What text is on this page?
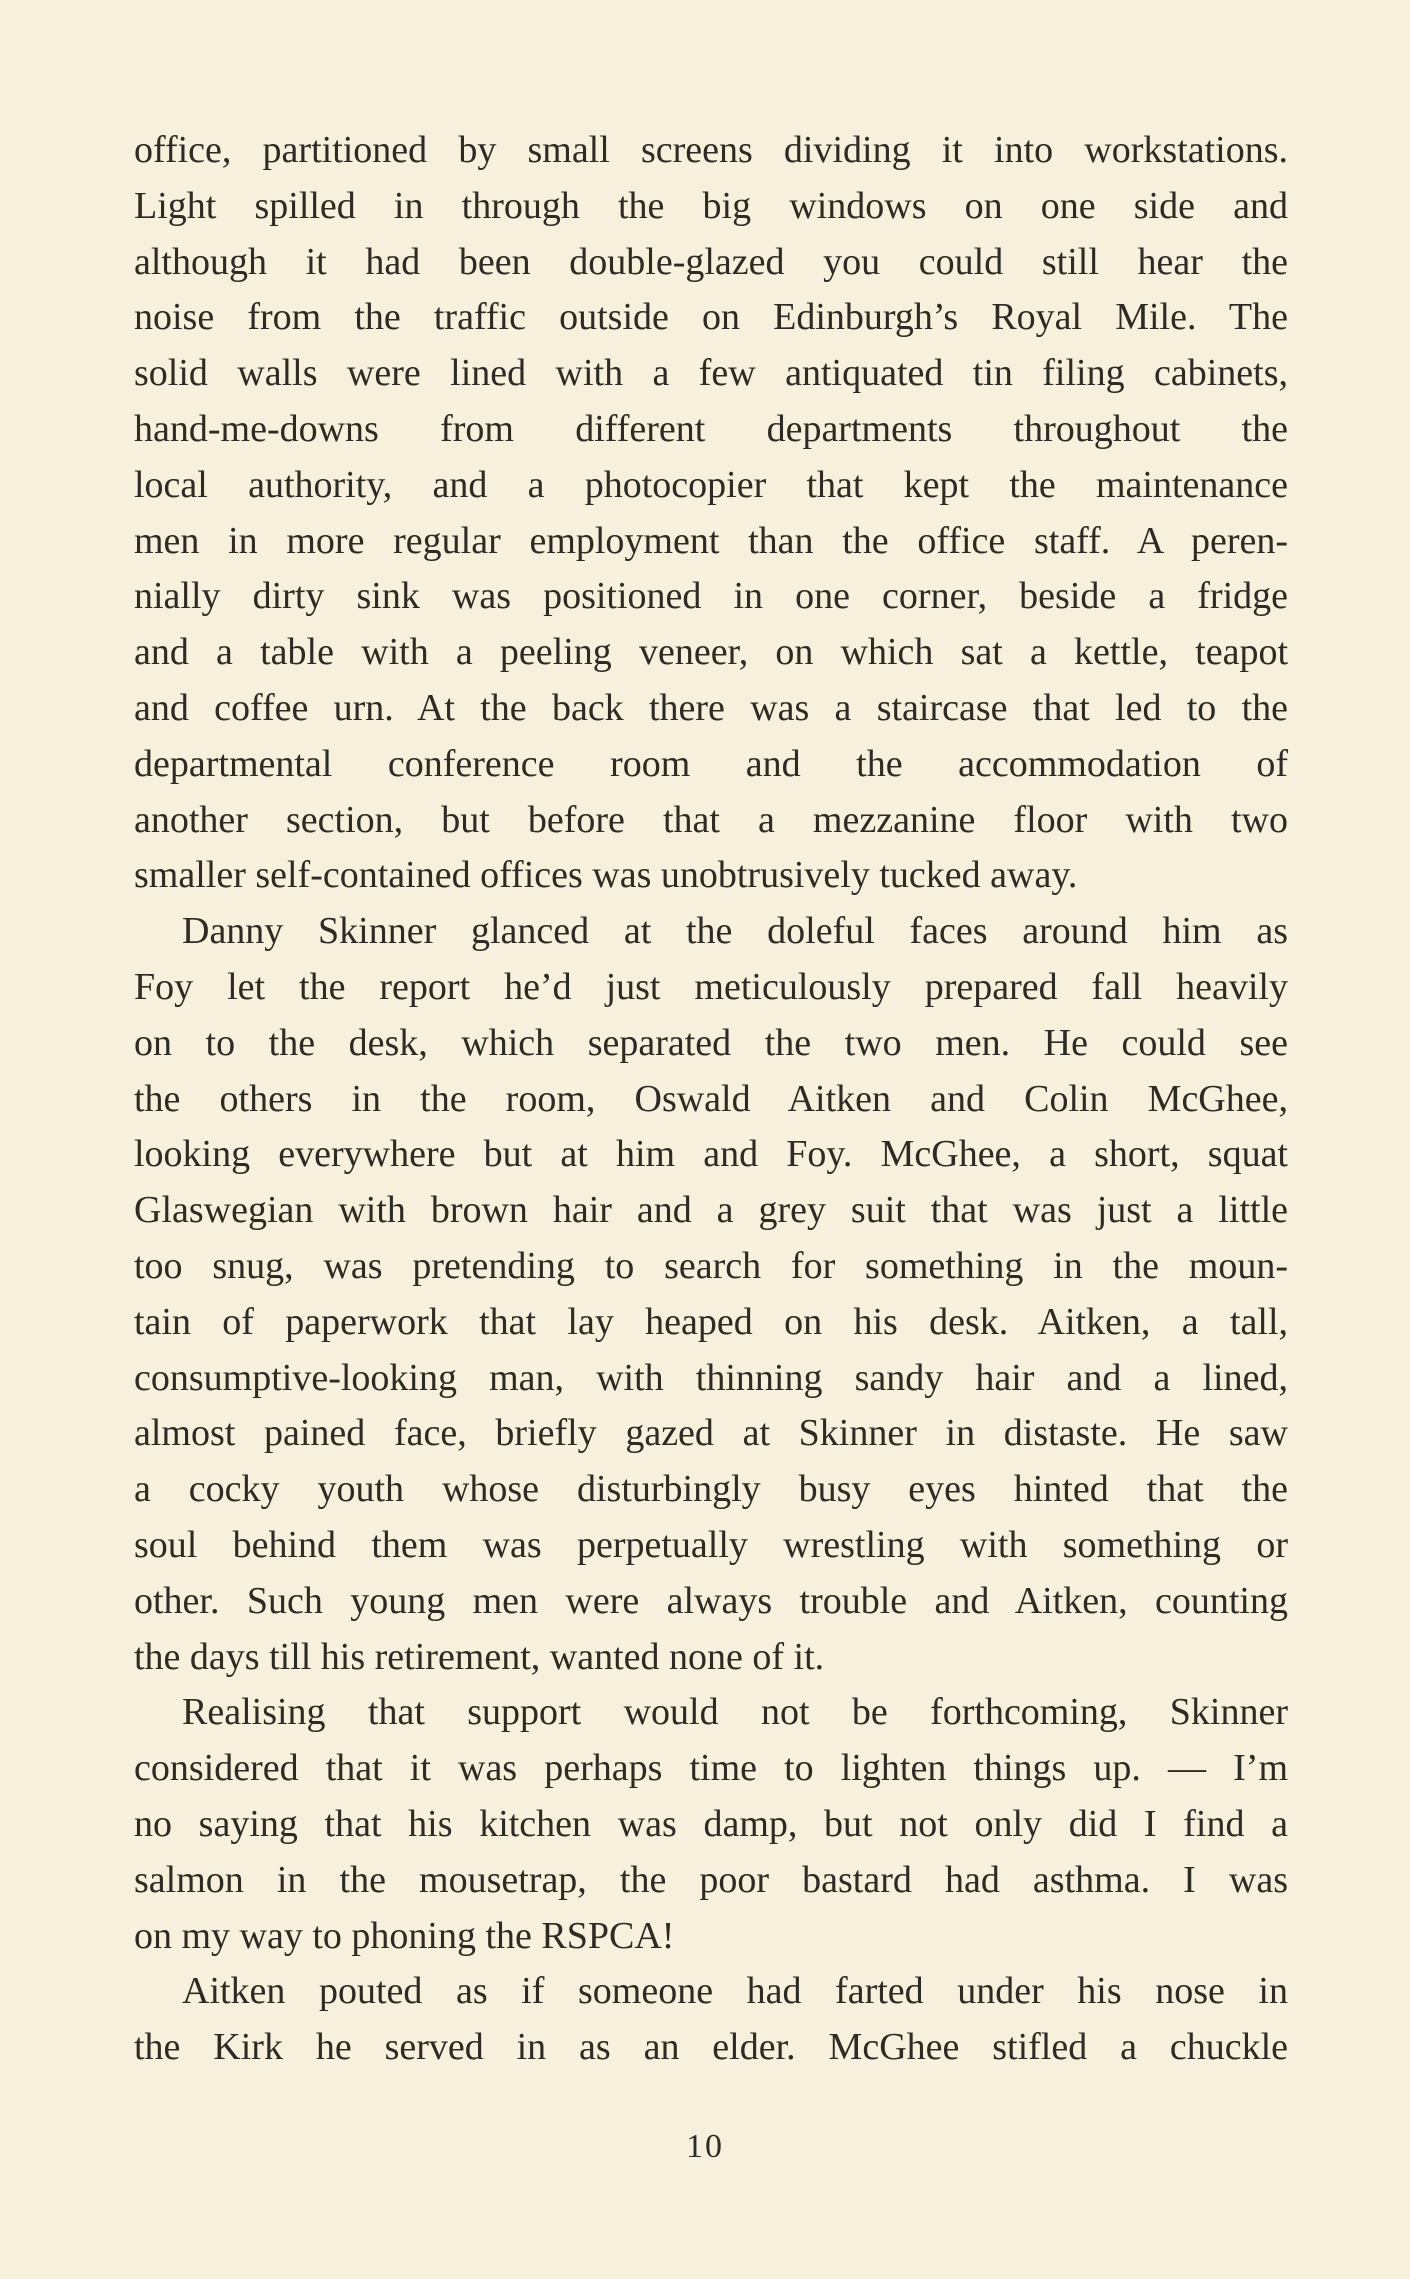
office, partitioned by small screens dividing it into workstations.
Light spilled in through the big windows on one side and
although it had been double-glazed you could still hear the
noise from the traffic outside on Edinburgh’s Royal Mile. The
solid walls were lined with a few antiquated tin filing cabinets,
hand-me-downs from different departments throughout the
local authority, and a photocopier that kept the maintenance
men in more regular employment than the office staff. A peren-
nially dirty sink was positioned in one corner, beside a fridge
and a table with a peeling veneer, on which sat a kettle, teapot
and coffee urn. At the back there was a staircase that led to the
departmental conference room and the accommodation of
another section, but before that a mezzanine floor with two
smaller self-contained offices was unobtrusively tucked away.

Danny Skinner glanced at the doleful faces around him as
Foy let the report he’d just meticulously prepared fall heavily
on to the desk, which separated the two men. He could see
the others in the room, Oswald Aitken and Colin McGhee,
looking everywhere but at him and Foy. McGhee, a short, squat
Glaswegian with brown hair and a grey suit that was just a little
too snug, was pretending to search for something in the moun-
tain of paperwork that lay heaped on his desk. Aitken, a tall,
consumptive-looking man, with thinning sandy hair and a lined,
almost pained face, briefly gazed at Skinner in distaste. He saw
a cocky youth whose disturbingly busy eyes hinted that the
soul behind them was perpetually wrestling with something or
other. Such young men were always trouble and Aitken, counting
the days till his retirement, wanted none of it.

Realising that support would not be forthcoming, Skinner
considered that it was perhaps time to lighten things up. — I’m
no saying that his kitchen was damp, but not only did I find a
salmon in the mousetrap, the poor bastard had asthma. I was
on my way to phoning the RSPCA!

Aitken pouted as if someone had farted under his nose in
the Kirk he served in as an elder. McGhee stifled a chuckle

10
